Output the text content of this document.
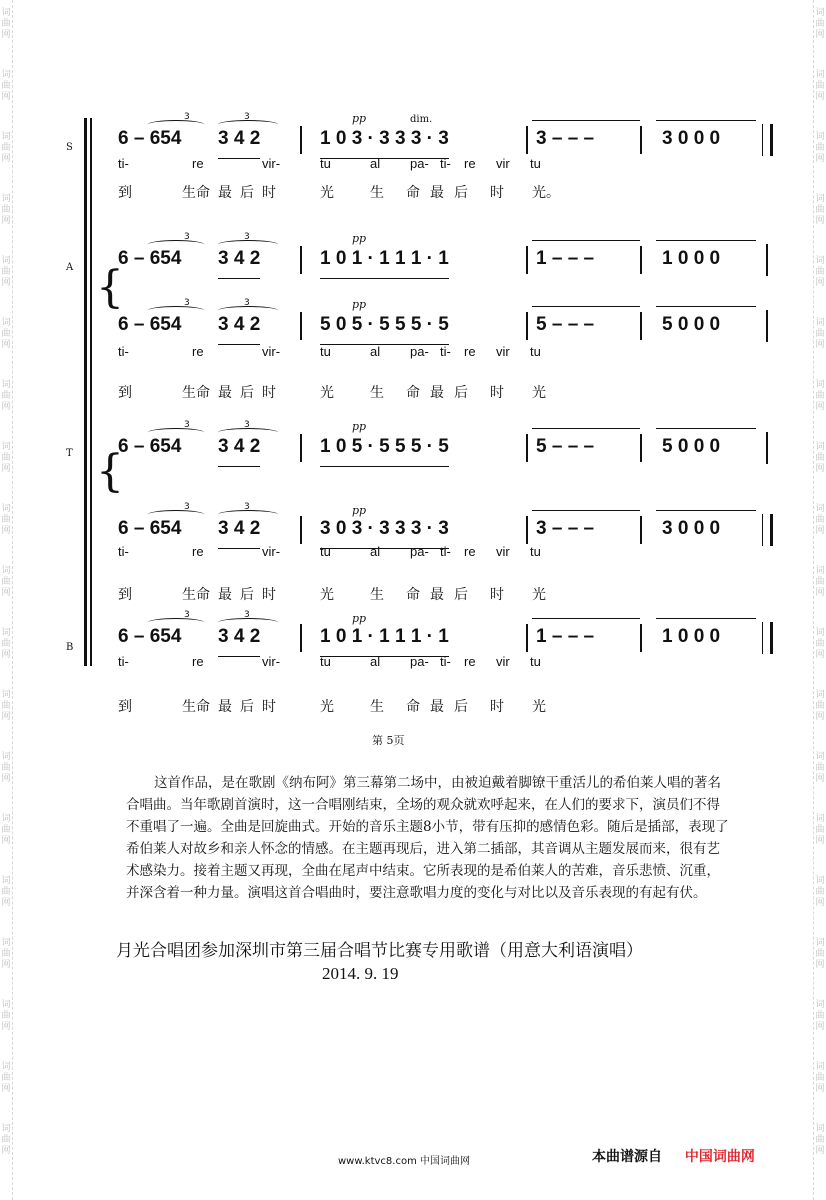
词
曲
网
词
曲
网
词
曲
网
词
曲
网
词
曲
网
词
曲
网
词
曲
网
词
曲
网
词
曲
网
词
曲
网
词
曲
网
词
曲
网
词
曲
网
词
曲
网
词
曲
网
词
曲
网
词
曲
网
词
曲
网
词
曲
网
词
曲
网
词
曲
网
词
曲
网
词
曲
网
词
曲
网
词
曲
网
词
曲
网
词
曲
网
词
曲
网
词
曲
网
词
曲
网
词
曲
网
词
曲
网
词
曲
网
词
曲
网
词
曲
网
词
曲
网
词
曲
网
词
曲
网
S
A
T
B
{
{
pp	dim.
pp
pp
pp
pp
pp
3	3
6 – 654 3 4 2	1 0 3 · 3 3 3 · 3	3 – – –	3 0 0 0
3	3
6 – 654 3 4 2	1 0 1 · 1 1 1 · 1	1 – – –	1 0 0 0
3	3
6 – 654 3 4 2	5 0 5 · 5 5 5 · 5	5 – – –	5 0 0 0
3	3
6 – 654 3 4 2	1 0 5 · 5 5 5 · 5	5 – – –	5 0 0 0
3	3
6 – 654 3 4 2	3 0 3 · 3 3 3 · 3	3 – – –	3 0 0 0
3	3
6 – 654 3 4 2	1 0 1 · 1 1 1 · 1	1 – – –	1 0 0 0
ti-	re	vir-	tu	al pa- ti- re vir tu
到	生命 最 后 时	光	生 命 最 后 时 光。
ti-	re	vir-	tu	al pa- ti- re vir tu
到	生命 最 后 时	光	生 命 最 后 时 光
ti-	re	vir-	tu	al pa- ti- re vir tu
到	生命 最 后 时	光	生 命 最 后 时 光
ti-	re	vir-	tu	al pa- ti- re vir tu
到	生命 最 后 时	光	生 命 最 后 时 光
第 5页
这首作品，是在歌剧《纳布阿》第三幕第二场中，由被迫戴着脚镣干重活儿的希伯莱人唱的著名合唱曲。当年歌剧首演时，这一合唱刚结束，全场的观众就欢呼起来，在人们的要求下，演员们不得不重唱了一遍。全曲是回旋曲式。开始的音乐主题8小节，带有压抑的感情色彩。随后是插部，表现了希伯莱人对故乡和亲人怀念的情感。在主题再现后，进入第二插部，其音调从主题发展而来，很有艺术感染力。接着主题又再现，全曲在尾声中结束。它所表现的是希伯莱人的苦难，音乐悲愤、沉重，并深含着一种力量。演唱这首合唱曲时，要注意歌唱力度的变化与对比以及音乐表现的有起有伏。
月光合唱团参加深圳市第三届合唱节比赛专用歌谱（用意大利语演唱）
2014. 9. 19
www.ktvc8.com 中国词曲网	本曲谱源自 中国词曲网
